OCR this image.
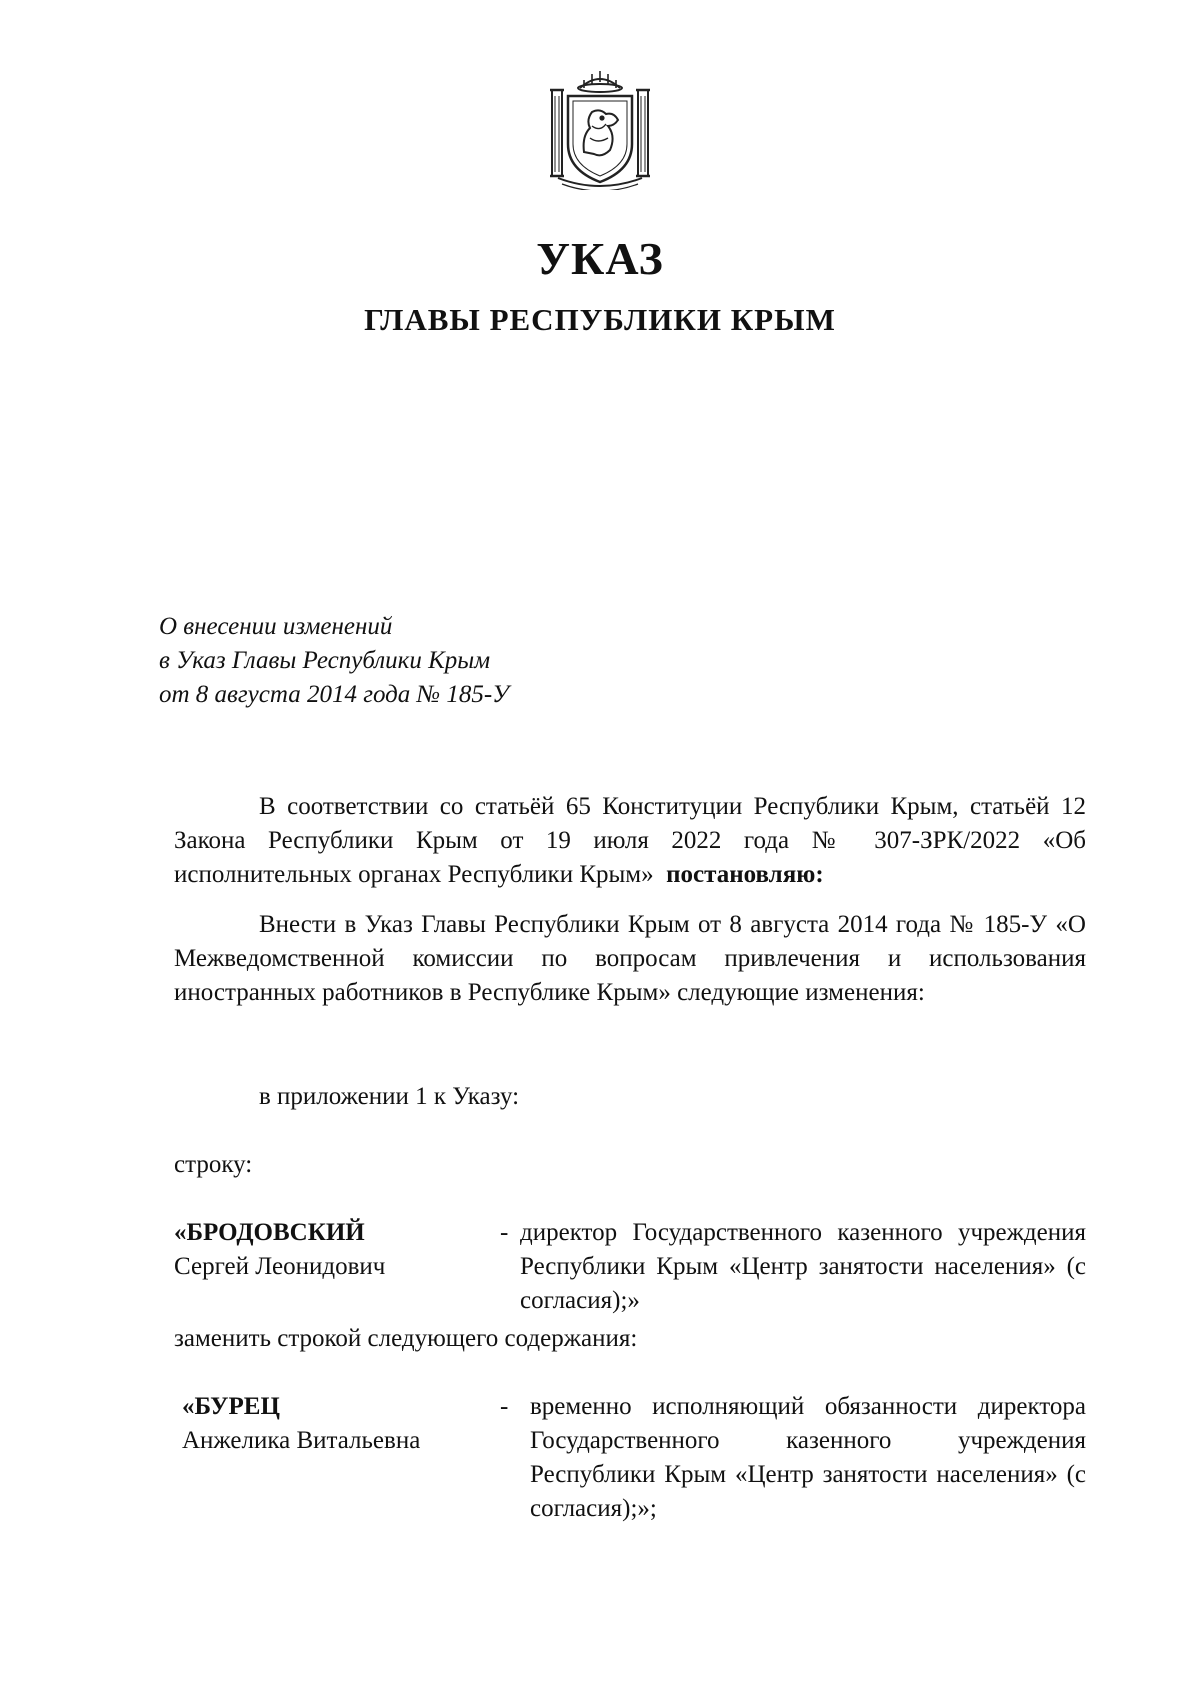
УКАЗ
ГЛАВЫ РЕСПУБЛИКИ КРЫМ
О внесении изменений
в Указ Главы Республики Крым
от 8 августа 2014 года № 185-У
В соответствии со статьёй 65 Конституции Республики Крым, статьёй 12 Закона Республики Крым от 19 июля 2022 года № 307-ЗРК/2022 «Об исполнительных органах Республики Крым» постановляю:
Внести в Указ Главы Республики Крым от 8 августа 2014 года № 185-У «О Межведомственной комиссии по вопросам привлечения и использования иностранных работников в Республике Крым» следующие изменения:
в приложении 1 к Указу:
строку:
«БРОДОВСКИЙ
Сергей Леонидович
- директор Государственного казенного учреждения Республики Крым «Центр занятости населения» (с согласия);»
заменить строкой следующего содержания:
«БУРЕЦ
Анжелика Витальевна
- временно исполняющий обязанности директора Государственного казенного учреждения Республики Крым «Центр занятости населения» (с согласия);»;
